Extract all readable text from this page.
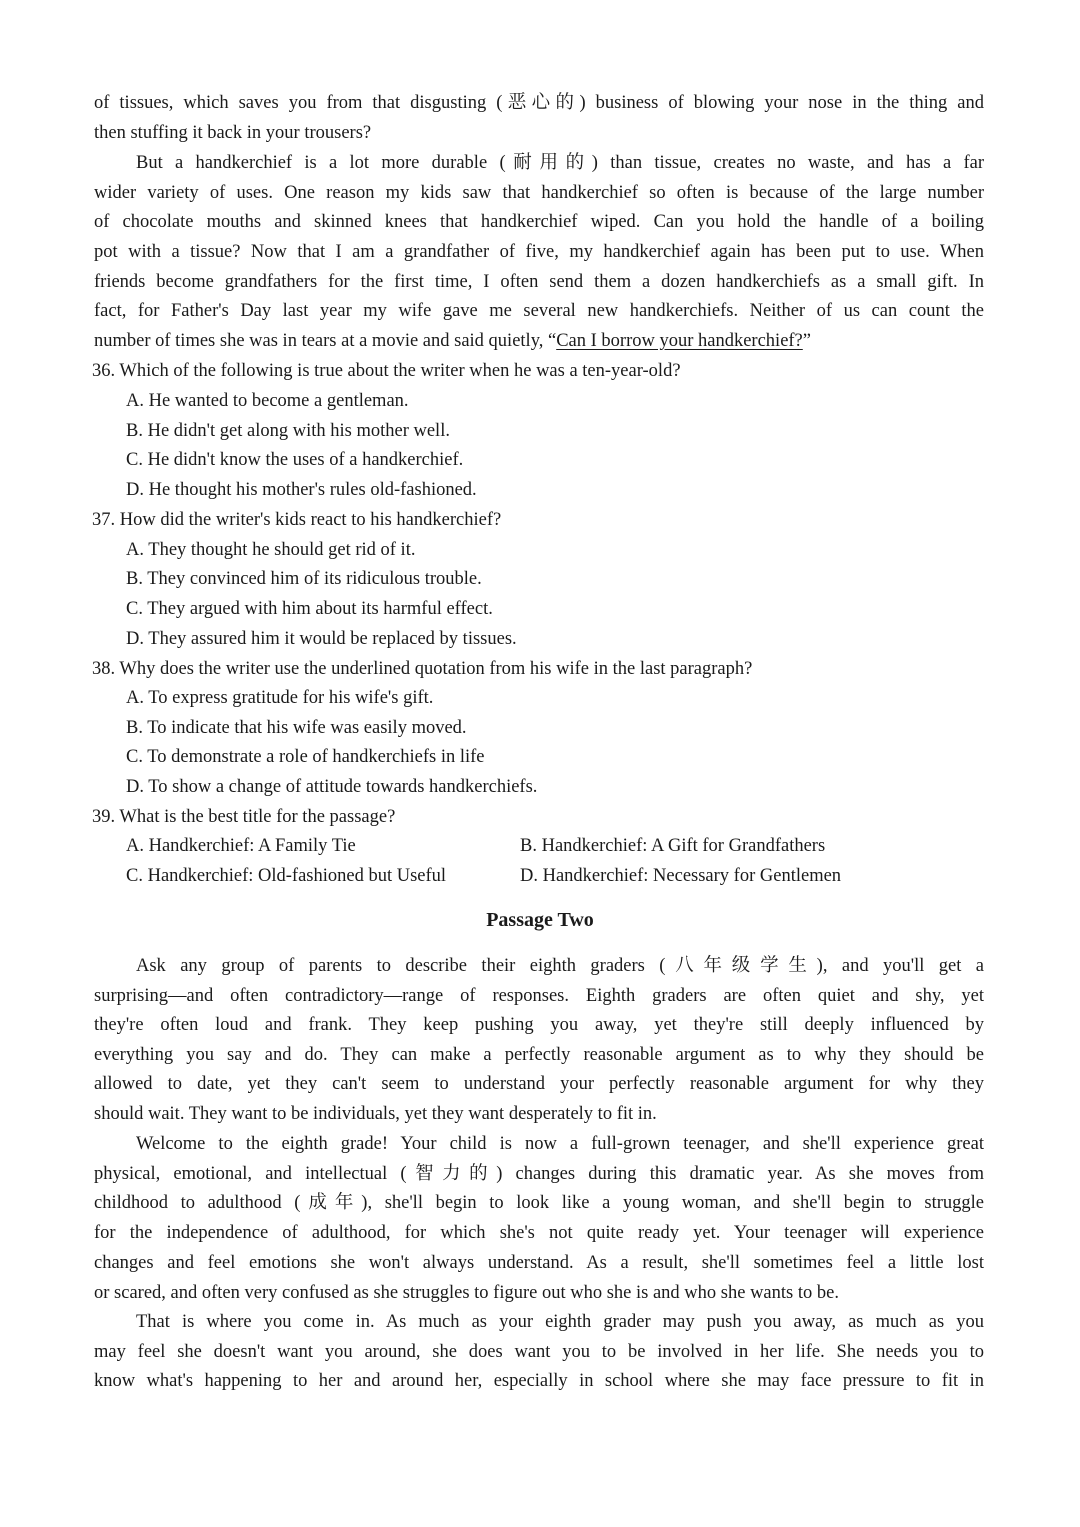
of tissues, which saves you from that disgusting (恶心的) business of blowing your nose in the thing and
then stuffing it back in your trousers?
But a handkerchief is a lot more durable (耐用的) than tissue, creates no waste, and has a far
wider variety of uses. One reason my kids saw that handkerchief so often is because of the large number
of chocolate mouths and skinned knees that handkerchief wiped. Can you hold the handle of a boiling
pot with a tissue? Now that I am a grandfather of five, my handkerchief again has been put to use. When
friends become grandfathers for the first time, I often send them a dozen handkerchiefs as a small gift. In
fact, for Father's Day last year my wife gave me several new handkerchiefs. Neither of us can count the
number of times she was in tears at a movie and said quietly, “Can I borrow your handkerchief?”
36. Which of the following is true about the writer when he was a ten-year-old?
A. He wanted to become a gentleman.
B. He didn't get along with his mother well.
C. He didn't know the uses of a handkerchief.
D. He thought his mother's rules old-fashioned.
37. How did the writer's kids react to his handkerchief?
A. They thought he should get rid of it.
B. They convinced him of its ridiculous trouble.
C. They argued with him about its harmful effect.
D. They assured him it would be replaced by tissues.
38. Why does the writer use the underlined quotation from his wife in the last paragraph?
A. To express gratitude for his wife's gift.
B. To indicate that his wife was easily moved.
C. To demonstrate a role of handkerchiefs in life
D. To show a change of attitude towards handkerchiefs.
39. What is the best title for the passage?
A. Handkerchief: A Family Tie	B. Handkerchief: A Gift for Grandfathers
C. Handkerchief: Old-fashioned but Useful	D. Handkerchief: Necessary for Gentlemen
Passage Two
Ask any group of parents to describe their eighth graders (八年级学生), and you'll get a
surprising—and often contradictory—range of responses. Eighth graders are often quiet and shy, yet
they're often loud and frank. They keep pushing you away, yet they're still deeply influenced by
everything you say and do. They can make a perfectly reasonable argument as to why they should be
allowed to date, yet they can't seem to understand your perfectly reasonable argument for why they
should wait. They want to be individuals, yet they want desperately to fit in.
Welcome to the eighth grade! Your child is now a full-grown teenager, and she'll experience great
physical, emotional, and intellectual (智力的) changes during this dramatic year. As she moves from
childhood to adulthood (成年), she'll begin to look like a young woman, and she'll begin to struggle
for the independence of adulthood, for which she's not quite ready yet. Your teenager will experience
changes and feel emotions she won't always understand. As a result, she'll sometimes feel a little lost
or scared, and often very confused as she struggles to figure out who she is and who she wants to be.
That is where you come in. As much as your eighth grader may push you away, as much as you
may feel she doesn't want you around, she does want you to be involved in her life. She needs you to
know what's happening to her and around her, especially in school where she may face pressure to fit in
